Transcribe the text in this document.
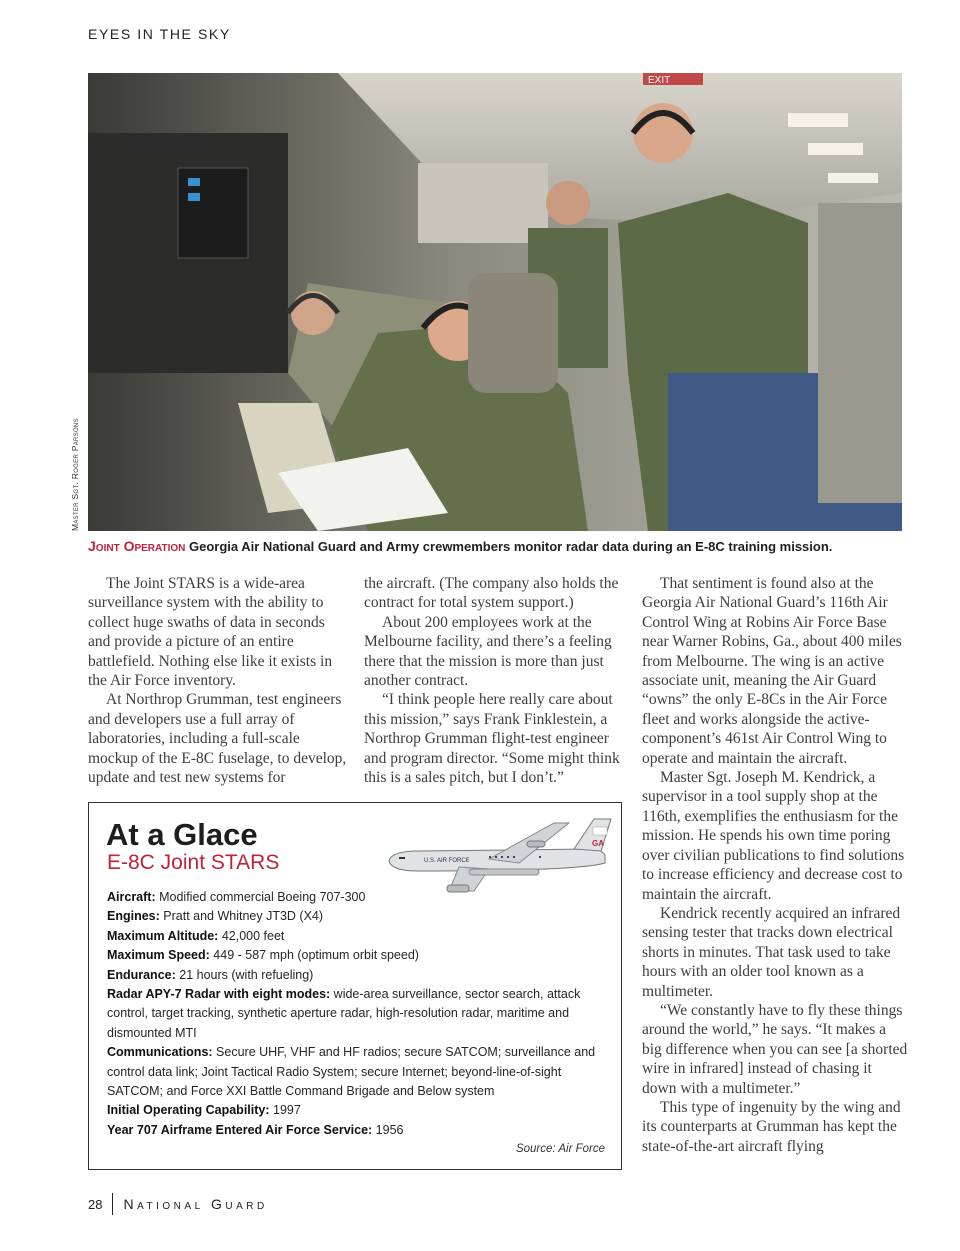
EYES IN THE SKY
EXIT
Master Sgt. Roger Parsons
Joint Operation Georgia Air National Guard and Army crewmembers monitor radar data during an E-8C training mission.

The Joint STARS is a wide-area surveillance system with the ability to collect huge swaths of data in seconds and provide a picture of an entire battlefield. Nothing else like it exists in the Air Force inventory.

At Northrop Grumman, test engineers and developers use a full array of laboratories, including a full-scale mockup of the E-8C fuselage, to develop, update and test new systems for

the aircraft. (The company also holds the contract for total system support.)

About 200 employees work at the Melbourne facility, and there’s a feeling there that the mission is more than just another contract.

“I think people here really care about this mission,” says Frank Finklestein, a Northrop Grumman flight-test engineer and program director. “Some might think this is a sales pitch, but I don’t.”

That sentiment is found also at the Georgia Air National Guard’s 116th Air Control Wing at Robins Air Force Base near Warner Robins, Ga., about 400 miles from Melbourne. The wing is an active associate unit, meaning the Air Guard “owns” the only E-8Cs in the Air Force fleet and works alongside the active-component’s 461st Air Control Wing to operate and maintain the aircraft.

Master Sgt. Joseph M. Kendrick, a supervisor in a tool supply shop at the 116th, exemplifies the enthusiasm for the mission. He spends his own time poring over civilian publications to find solutions to increase efficiency and decrease cost to maintain the aircraft.

Kendrick recently acquired an infrared sensing tester that tracks down electrical shorts in minutes. That task used to take hours with an older tool known as a multimeter.

“We constantly have to fly these things around the world,” he says. “It makes a big difference when you can see [a shorted wire in infrared] instead of chasing it down with a multimeter.”

This type of ingenuity by the wing and its counterparts at Grumman has kept the state-of-the-art aircraft flying

At a Glace
E-8C Joint STARS
GA
U.S. AIR FORCE
Aircraft: Modified commercial Boeing 707-300
Engines: Pratt and Whitney JT3D (X4)
Maximum Altitude: 42,000 feet
Maximum Speed: 449 - 587 mph (optimum orbit speed)
Endurance: 21 hours (with refueling)
Radar APY-7 Radar with eight modes: wide-area surveillance, sector search, attack control, target tracking, synthetic aperture radar, high-resolution radar, maritime and dismounted MTI
Communications: Secure UHF, VHF and HF radios; secure SATCOM; surveillance and control data link; Joint Tactical Radio System; secure Internet; beyond-line-of-sight SATCOM; and Force XXI Battle Command Brigade and Below system
Initial Operating Capability: 1997
Year 707 Airframe Entered Air Force Service: 1956
Source: Air Force
28 National Guard
